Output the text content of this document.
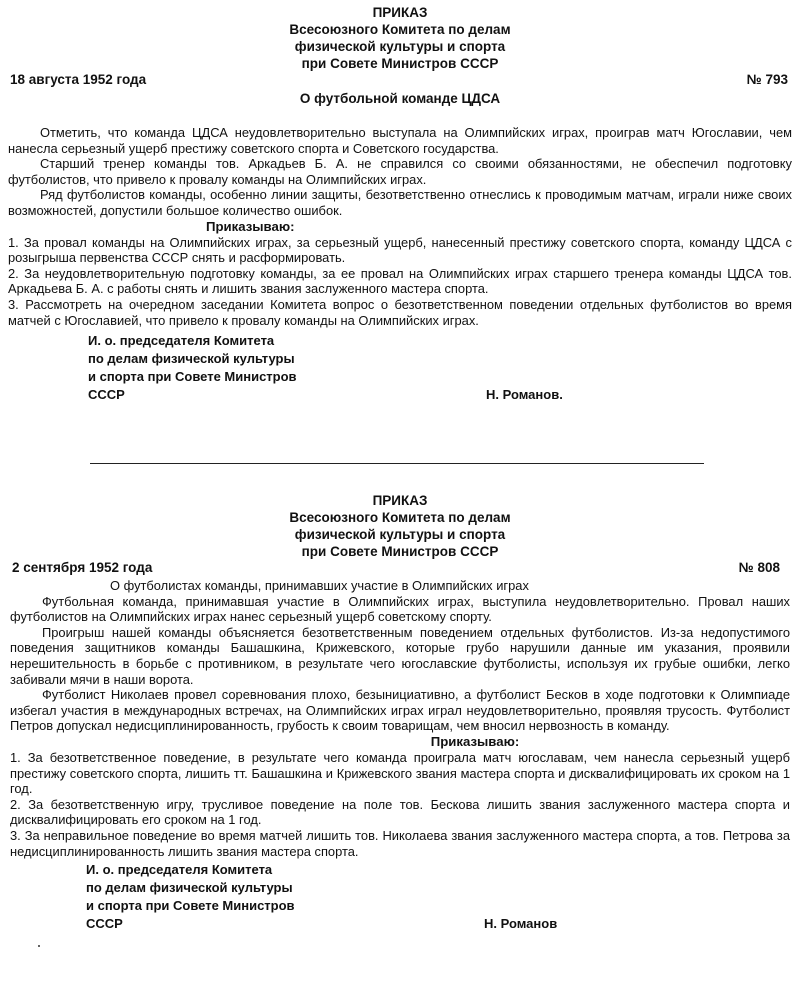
ПРИКАЗ
Всесоюзного Комитета по делам
физической культуры и спорта
при Совете Министров СССР
18 августа 1952 года	№ 793
О футбольной команде ЦДСА

Отметить, что команда ЦДСА неудовлетворительно выступала на Олимпийских играх, проиграв матч Югославии, чем нанесла серьезный ущерб престижу советского спорта и Советского государства.

Старший тренер команды тов. Аркадьев Б. А. не справился со своими обязанностями, не обеспечил подготовку футболистов, что привело к провалу команды на Олимпийских играх.

Ряд футболистов команды, особенно линии защиты, безответственно отнеслись к проводимым матчам, играли ниже своих возможностей, допустили большое количество ошибок.

Приказываю:

1. За провал команды на Олимпийских играх, за серьезный ущерб, нанесенный престижу советского спорта, команду ЦДСА с розыгрыша первенства СССР снять и расформировать.

2. За неудовлетворительную подготовку команды, за ее провал на Олимпийских играх старшего тренера команды ЦДСА тов. Аркадьева Б. А. с работы снять и лишить звания заслуженного мастера спорта.

3. Рассмотреть на очередном заседании Комитета вопрос о безответственном поведении отдельных футболистов во время матчей с Югославией, что привело к провалу команды на Олимпийских играх.

И. о. председателя Комитета
по делам физической культуры
и спорта при Совете Министров
СССР	Н. Романов.
ПРИКАЗ
Всесоюзного Комитета по делам
физической культуры и спорта
при Совете Министров СССР
2 сентября 1952 года	№ 808

О футболистах команды, принимавших участие в Олимпийских играх

Футбольная команда, принимавшая участие в Олимпийских играх, выступила неудовлетворительно. Провал наших футболистов на Олимпийских играх нанес серьезный ущерб советскому спорту.

Проигрыш нашей команды объясняется безответственным поведением отдельных футболистов. Из-за недопустимого поведения защитников команды Башашкина, Крижевского, которые грубо нарушили данные им указания, проявили нерешительность в борьбе с противником, в результате чего югославские футболисты, используя их грубые ошибки, легко забивали мячи в наши ворота.

Футболист Николаев провел соревнования плохо, безынициативно, а футболист Бесков в ходе подготовки к Олимпиаде избегал участия в международных встречах, на Олимпийских играх играл неудовлетворительно, проявляя трусость. Футболист Петров допускал недисциплинированность, грубость к своим товарищам, чем вносил нервозность в команду.

Приказываю:

1. За безответственное поведение, в результате чего команда проиграла матч югославам, чем нанесла серьезный ущерб престижу советского спорта, лишить тт. Башашкина и Крижевского звания мастера спорта и дисквалифицировать их сроком на 1 год.

2. За безответственную игру, трусливое поведение на поле тов. Бескова лишить звания заслуженного мастера спорта и дисквалифицировать его сроком на 1 год.

3. За неправильное поведение во время матчей лишить тов. Николаева звания заслуженного мастера спорта, а тов. Петрова за недисциплинированность лишить звания мастера спорта.

И. о. председателя Комитета
по делам физической культуры
и спорта при Совете Министров
СССР	Н. Романов
